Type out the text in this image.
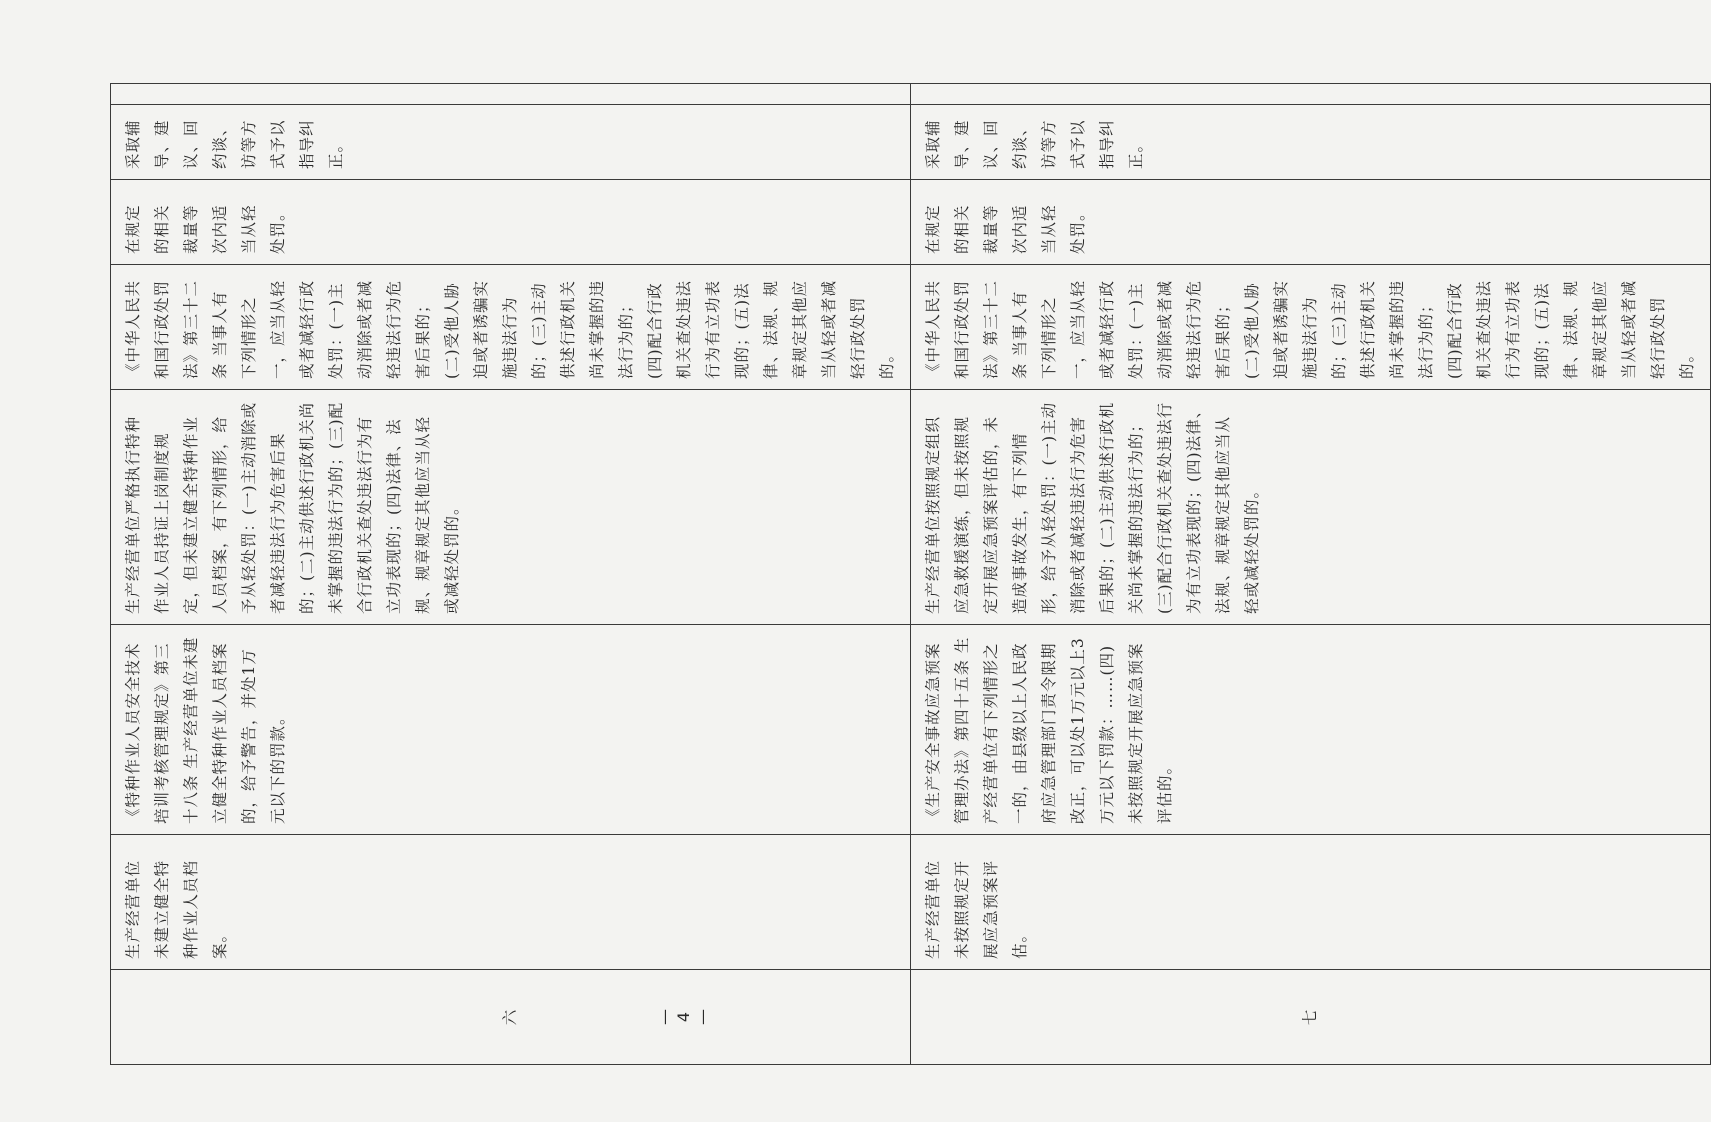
六	生产经营单位未建立健全特种作业人员档案。	《特种作业人员安全技术培训考核管理规定》第三十八条 生产经营单位未建立健全特种作业人员档案的，给予警告，并处1万元以下的罚款。	生产经营单位严格执行特种作业人员持证上岗制度规定，但未建立健全特种作业人员档案，有下列情形，给予从轻处罚：(一)主动消除或者减轻违法行为危害后果的；(二)主动供述行政机关尚未掌握的违法行为的；(三)配合行政机关查处违法行为有立功表现的；(四)法律、法规、规章规定其他应当从轻或减轻处罚的。	《中华人民共和国行政处罚法》第三十二条 当事人有下列情形之一，应当从轻或者减轻行政处罚：(一)主动消除或者减轻违法行为危害后果的；(二)受他人胁迫或者诱骗实施违法行为的；(三)主动供述行政机关尚未掌握的违法行为的；(四)配合行政机关查处违法行为有立功表现的；(五)法律、法规、规章规定其他应当从轻或者减轻行政处罚的。	在规定的相关裁量等次内适当从轻处罚。	采取辅导、建议、回约谈、访等方式予以指导纠正。	
七	生产经营单位未按照规定开展应急预案评估。	《生产安全事故应急预案管理办法》第四十五条 生产经营单位有下列情形之一的，由县级以上人民政府应急管理部门责令限期改正，可以处1万元以上3万元以下罚款：……(四)未按照规定开展应急预案评估的。	生产经营单位按照规定组织应急救援演练，但未按照规定开展应急预案评估的，未造成事故发生，有下列情形，给予从轻处罚：(一)主动消除或者减轻违法行为危害后果的；(二)主动供述行政机关尚未掌握的违法行为的；(三)配合行政机关查处违法行为有立功表现的；(四)法律、法规、规章规定其他应当从轻或减轻处罚的。	《中华人民共和国行政处罚法》第三十二条 当事人有下列情形之一，应当从轻或者减轻行政处罚：(一)主动消除或者减轻违法行为危害后果的；(二)受他人胁迫或者诱骗实施违法行为的；(三)主动供述行政机关尚未掌握的违法行为的；(四)配合行政机关查处违法行为有立功表现的；(五)法律、法规、规章规定其他应当从轻或者减轻行政处罚的。	在规定的相关裁量等次内适当从轻处罚。	采取辅导、建议、回约谈、访等方式予以指导纠正。	
— 4 —
